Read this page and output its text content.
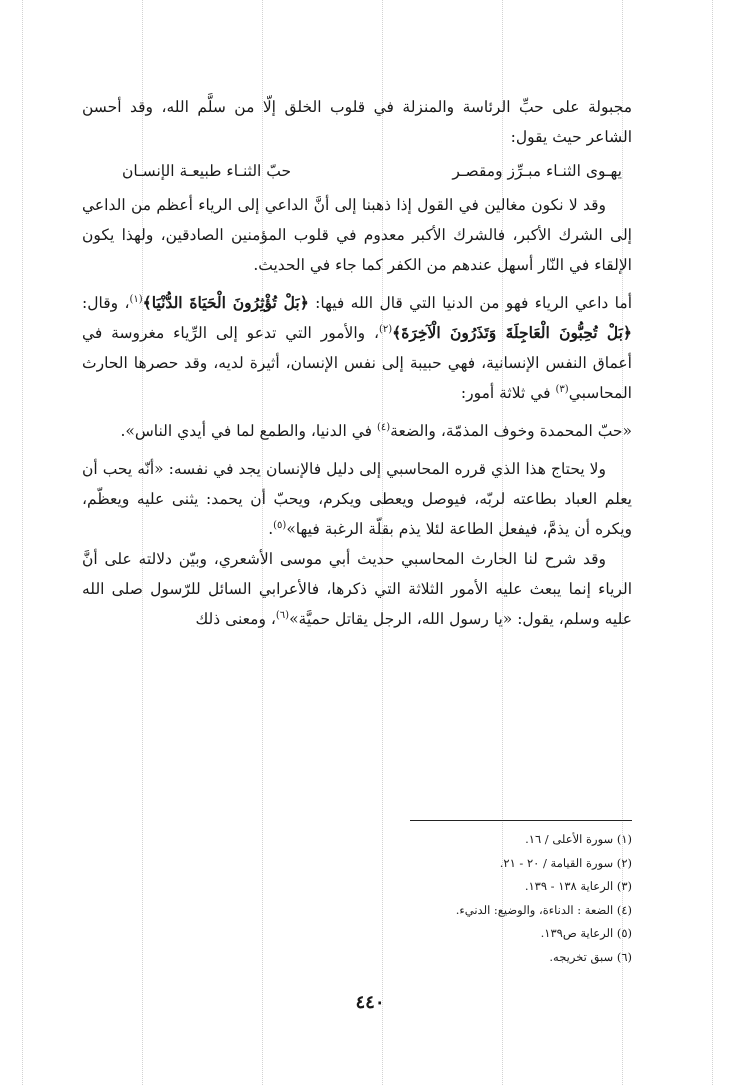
مجبولة على حبِّ الرئاسة والمنزلة في قلوب الخلق إلّا من سلَّم الله، وقد أحسن الشاعر حيث يقول:

يهـوى الثنـاء مبـرِّز ومقصـر
حبّ الثنـاء طبيعـة الإنسـان

وقد لا نكون مغالين في القول إذا ذهبنا إلى أنَّ الداعي إلى الرياء أعظم من الداعي إلى الشرك الأكبر، فالشرك الأكبر معدوم في قلوب المؤمنين الصادقين، ولهذا يكون الإلقاء في النّار أسهل عندهم من الكفر كما جاء في الحديث.

أما داعي الرياء فهو من الدنيا التي قال الله فيها: ﴿بَلْ تُؤْثِرُونَ الْحَيَاةَ الدُّنْيَا﴾$^{(١)}$، وقال: ﴿بَلْ تُحِبُّونَ الْعَاجِلَةَ وَتَذَرُونَ الْآخِرَةَ﴾$^{(٢)}$، والأمور التي تدعو إلى الرِّياء مغروسة في أعماق النفس الإنسانية، فهي حبيبة إلى نفس الإنسان، أثيرة لديه، وقد حصرها الحارث المحاسبي$^{(٣)}$ في ثلاثة أمور:

«حبّ المحمدة وخوف المذمّة، والضعة$^{(٤)}$ في الدنيا، والطمع لما في أيدي الناس».

ولا يحتاج هذا الذي قرره المحاسبي إلى دليل فالإنسان يجد في نفسه: «أنّه يحب أن يعلم العباد بطاعته لربّه، فيوصل ويعطى ويكرم، ويحبّ أن يحمد: يثنى عليه ويعظّم، ويكره أن يذمَّ، فيفعل الطاعة لئلا يذم بقلّة الرغبة فيها»$^{(٥)}$.

وقد شرح لنا الحارث المحاسبي حديث أبي موسى الأشعري، وبيّن دلالته على أنَّ الرياء إنما يبعث عليه الأمور الثلاثة التي ذكرها، فالأعرابي السائل للرّسول صلى الله عليه وسلم، يقول: «يا رسول الله، الرجل يقاتل حميَّة»$^{(٦)}$، ومعنى ذلك

(١) سورة الأعلى / ١٦.
(٢) سورة القيامة / ٢٠ - ٢١.
(٣) الرعاية ١٣٨ - ١٣٩.
(٤) الضعة : الدناءة، والوضيع: الدنيء.
(٥) الرعاية ص١٣٩.
(٦) سبق تخريجه.
٤٤٠
